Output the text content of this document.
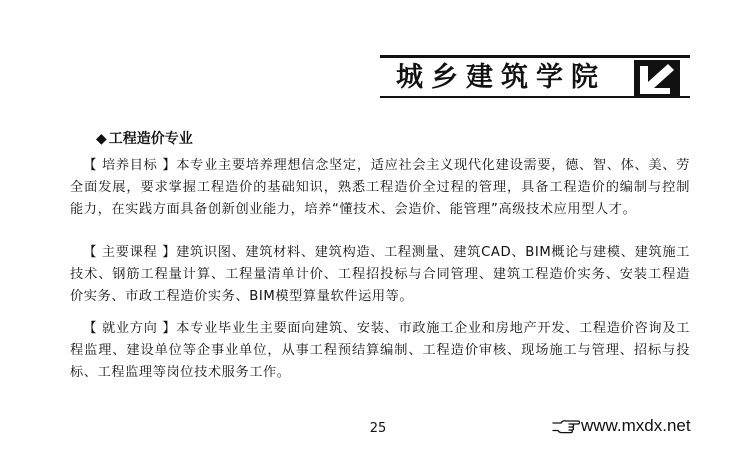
城乡建筑学院
◆ 工程造价专业

【 培养目标 】本专业主要培养理想信念坚定，适应社会主义现代化建设需要，德、智、体、美、劳全面发展，要求掌握工程造价的基础知识，熟悉工程造价全过程的管理，具备工程造价的编制与控制能力，在实践方面具备创新创业能力，培养“懂技术、会造价、能管理”高级技术应用型人才。

【 主要课程 】建筑识图、建筑材料、建筑构造、工程测量、建筑CAD、BIM概论与建模、建筑施工技术、钢筋工程量计算、工程量清单计价、工程招投标与合同管理、建筑工程造价实务、安装工程造价实务、市政工程造价实务、BIM模型算量软件运用等。

【 就业方向 】本专业毕业生主要面向建筑、安装、市政施工企业和房地产开发、工程造价咨询及工程监理、建设单位等企事业单位，从事工程预结算编制、工程造价审核、现场施工与管理、招标与投标、工程监理等岗位技术服务工作。

25	www.mxdx.net
